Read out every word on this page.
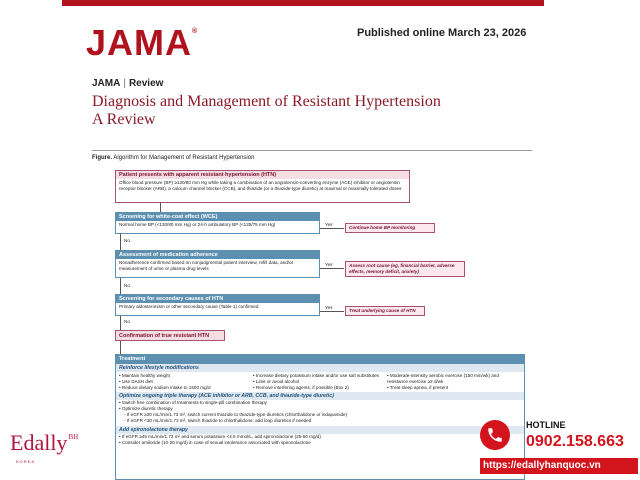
JAMA®	Published online March 23, 2026
JAMA | Review
Diagnosis and Management of Resistant Hypertension
A Review
Figure. Algorithm for Management of Resistant Hypertension
Patient presents with apparent resistant hypertension (HTN)
Office blood pressure (BP) ≥130/80 mm Hg while taking a combination of an angiotensin-converting enzyme (ACE) inhibitor or angiotensin receptor blocker (ARB), a calcium channel blocker (CCB), and thiazide (or a thiazide-type diuretic) at maximal or maximally tolerated doses
Screening for white-coat effect (WCE)
Normal home BP (<130/80 mm Hg) or 24-h ambulatory BP (<125/75 mm Hg)	Yes
Continue home BP monitoring
No
Assessment of medication adherence
Nonadherence confirmed based on nonjudgmental patient interview, refill data, and/or measurement of urine or plasma drug levels
Yes	Assess root cause (eg, financial barrier, adverse effects, memory deficit, anxiety)
No
Screening for secondary causes of HTN
Primary aldosteronism or other secondary cause (Table 1) confirmed	Yes
Treat underlying cause of HTN
No
Confirmation of true resistant HTN
Treatment
Reinforce lifestyle modifications

• Maintain healthy weight

• Use DASH diet

• Reduce dietary sodium intake to 1500 mg/d

• Increase dietary potassium intake and/or use salt substitutes

• Limit or avoid alcohol

• Remove interfering agents, if possible (Box 2)

• Moderate-intensity aerobic exercise (150 min/wk) and resistance exercise ≥2 d/wk

• Treat sleep apnea, if present

Optimize ongoing triple therapy (ACE inhibitor or ARB, CCB, and thiazide-type diuretic)

• Switch free combination of treatments to single-pill combination therapy

• Optimize diuretic therapy

- If eGFR ≥30 mL/min/1.73 m², switch current thiazide to thiazide-type diuretics (chlorthalidone or indapamide)

- If eGFR <30 mL/min/1.73 m², switch thiazide to chlorthalidone; add loop diuretics if needed

Add spironolactone therapy

• If eGFR ≥45 mL/min/1.73 m² and serum potassium <4.5 mmol/L, add spironolactone (25-50 mg/d)

• Consider amiloride (10-20 mg/d) in case of sexual intolerance associated with spironolactone

Edally$^{BH}$
KOREA
HOTLINE
0902.158.663
https://edallyhanquoc.vn
